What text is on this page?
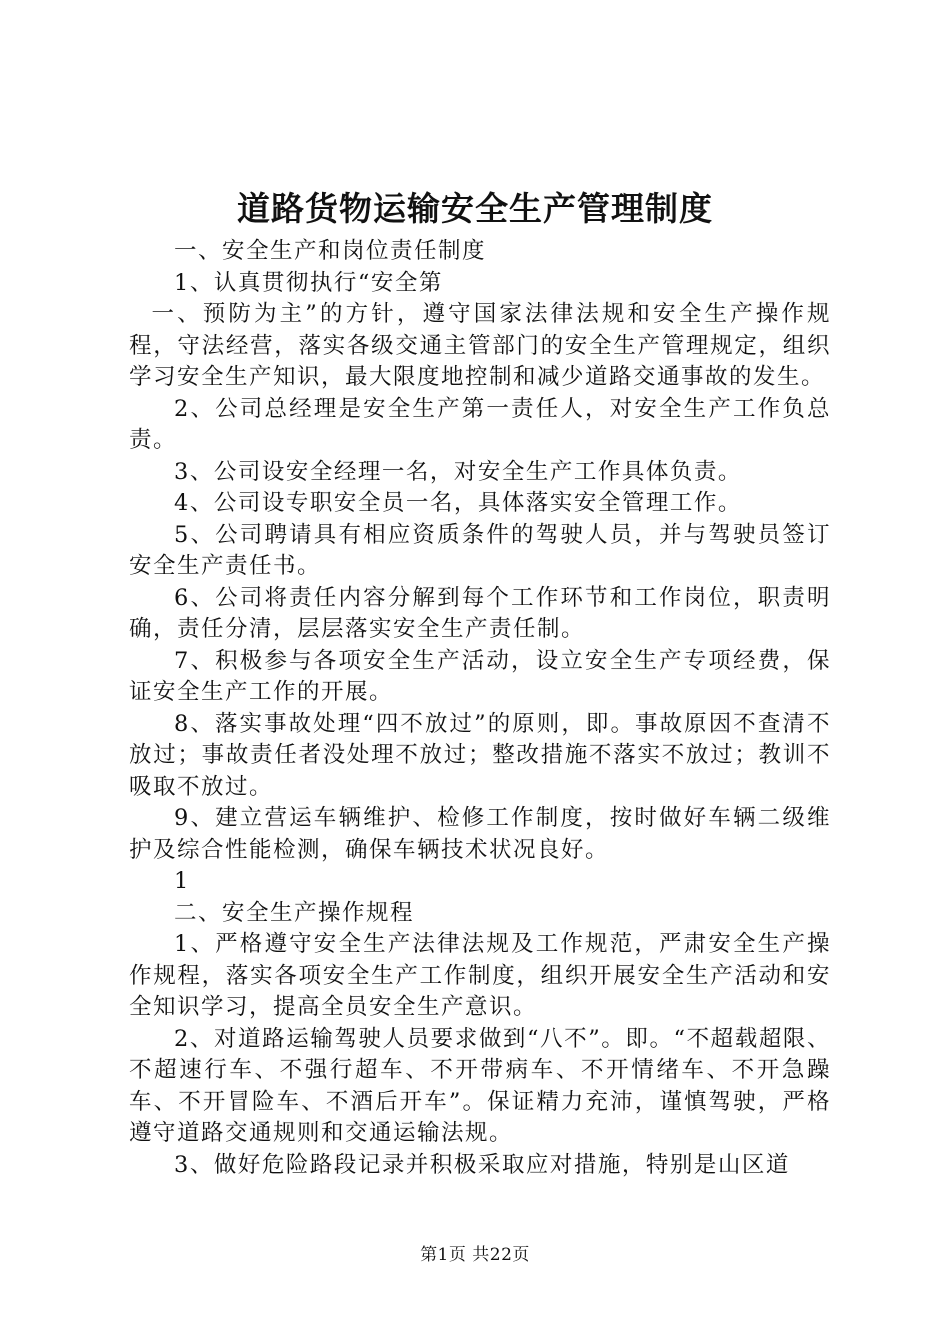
道路货物运输安全生产管理制度

一、安全生产和岗位责任制度

1、认真贯彻执行“安全第

一、预防为主”的方针，遵守国家法律法规和安全生产操作规程，守法经营，落实各级交通主管部门的安全生产管理规定，组织学习安全生产知识，最大限度地控制和减少道路交通事故的发生。

2、公司总经理是安全生产第一责任人，对安全生产工作负总责。

3、公司设安全经理一名，对安全生产工作具体负责。

4、公司设专职安全员一名，具体落实安全管理工作。

5、公司聘请具有相应资质条件的驾驶人员，并与驾驶员签订安全生产责任书。

6、公司将责任内容分解到每个工作环节和工作岗位，职责明确，责任分清，层层落实安全生产责任制。

7、积极参与各项安全生产活动，设立安全生产专项经费，保证安全生产工作的开展。

8、落实事故处理“四不放过”的原则，即。事故原因不查清不放过；事故责任者没处理不放过；整改措施不落实不放过；教训不吸取不放过。

9、建立营运车辆维护、检修工作制度，按时做好车辆二级维护及综合性能检测，确保车辆技术状况良好。

1

二、安全生产操作规程

1、严格遵守安全生产法律法规及工作规范，严肃安全生产操作规程，落实各项安全生产工作制度，组织开展安全生产活动和安全知识学习，提高全员安全生产意识。

2、对道路运输驾驶人员要求做到“八不”。即。“不超载超限、不超速行车、不强行超车、不开带病车、不开情绪车、不开急躁车、不开冒险车、不酒后开车”。保证精力充沛，谨慎驾驶，严格遵守道路交通规则和交通运输法规。

3、做好危险路段记录并积极采取应对措施，特别是山区道

第1页 共22页
